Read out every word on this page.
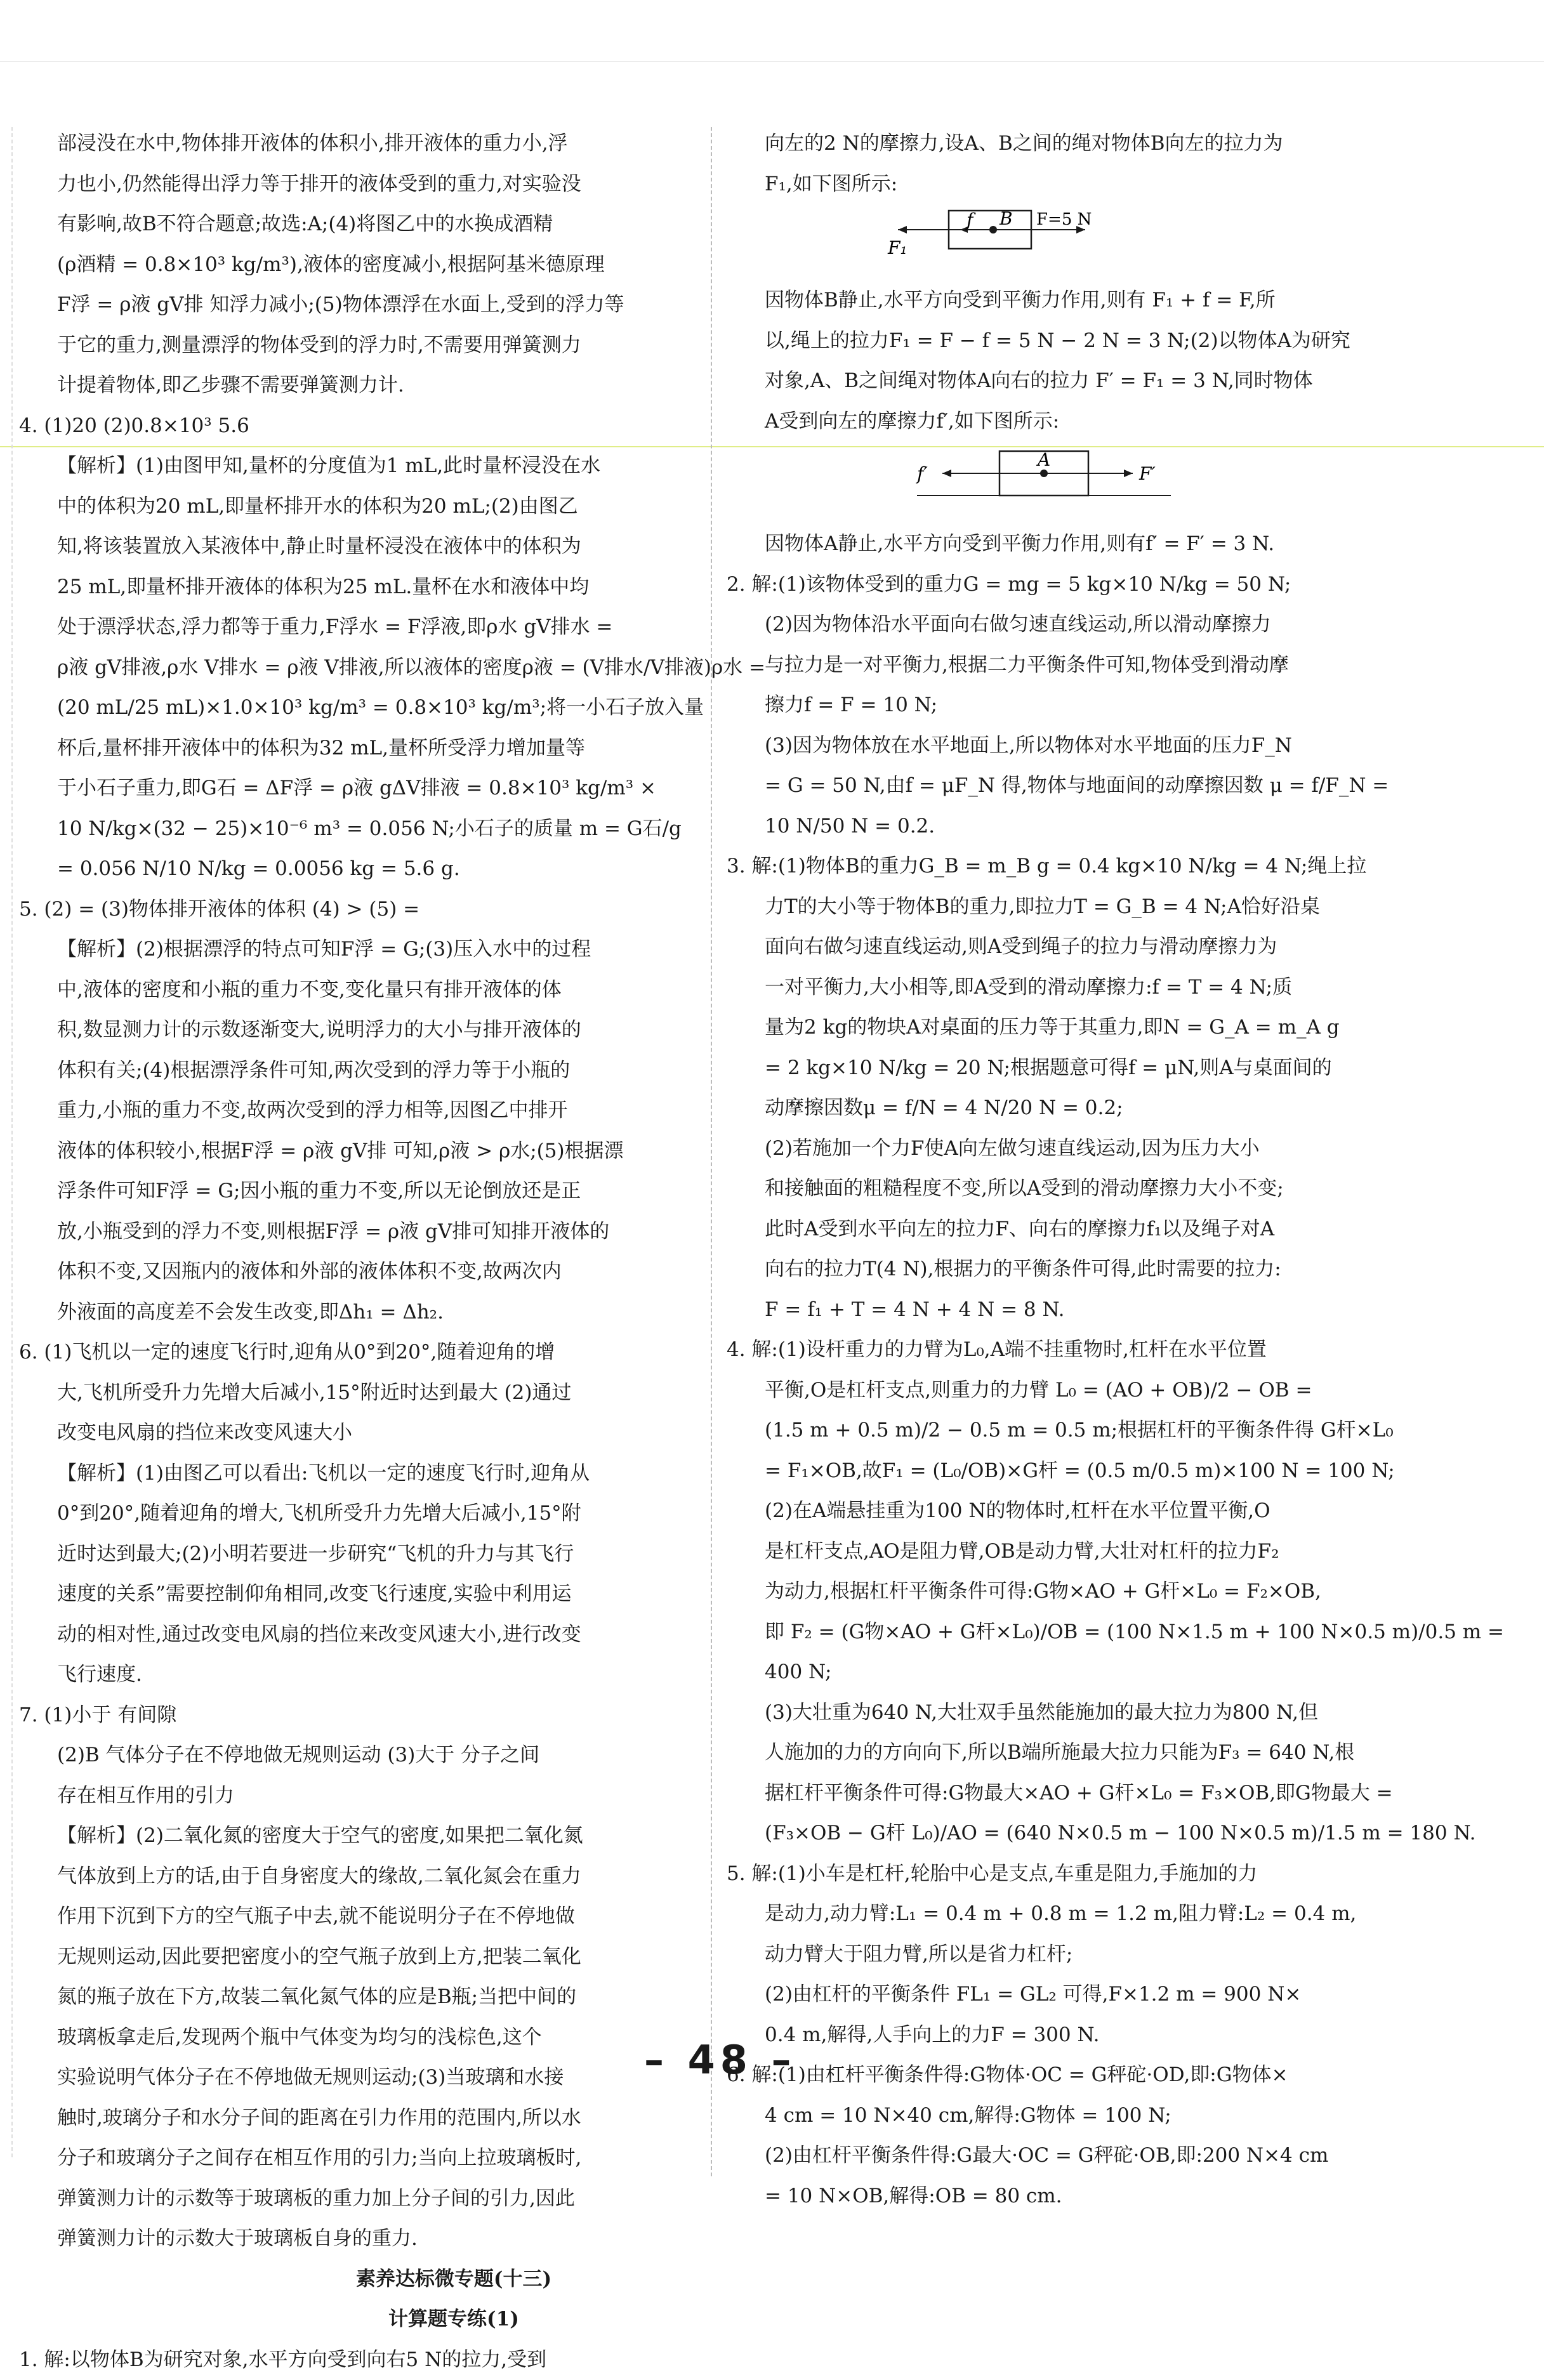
部浸没在水中,物体排开液体的体积小,排开液体的重力小,浮
力也小,仍然能得出浮力等于排开的液体受到的重力,对实验没
有影响,故B不符合题意;故选:A;(4)将图乙中的水换成酒精
(ρ酒精 = 0.8×10³ kg/m³),液体的密度减小,根据阿基米德原理
F浮 = ρ液 gV排 知浮力减小;(5)物体漂浮在水面上,受到的浮力等
于它的重力,测量漂浮的物体受到的浮力时,不需要用弹簧测力
计提着物体,即乙步骤不需要弹簧测力计.
4. (1)20 (2)0.8×10³ 5.6
【解析】(1)由图甲知,量杯的分度值为1 mL,此时量杯浸没在水
中的体积为20 mL,即量杯排开水的体积为20 mL;(2)由图乙
知,将该装置放入某液体中,静止时量杯浸没在液体中的体积为
25 mL,即量杯排开液体的体积为25 mL.量杯在水和液体中均
处于漂浮状态,浮力都等于重力,F浮水 = F浮液,即ρ水 gV排水 =
ρ液 gV排液,ρ水 V排水 = ρ液 V排液,所以液体的密度ρ液 = (V排水/V排液)ρ水 =
(20 mL/25 mL)×1.0×10³ kg/m³ = 0.8×10³ kg/m³;将一小石子放入量
杯后,量杯排开液体中的体积为32 mL,量杯所受浮力增加量等
于小石子重力,即G石 = ΔF浮 = ρ液 gΔV排液 = 0.8×10³ kg/m³ ×
10 N/kg×(32 − 25)×10⁻⁶ m³ = 0.056 N;小石子的质量 m = G石/g
= 0.056 N/10 N/kg = 0.0056 kg = 5.6 g.
5. (2) = (3)物体排开液体的体积 (4) > (5) =
【解析】(2)根据漂浮的特点可知F浮 = G;(3)压入水中的过程
中,液体的密度和小瓶的重力不变,变化量只有排开液体的体
积,数显测力计的示数逐渐变大,说明浮力的大小与排开液体的
体积有关;(4)根据漂浮条件可知,两次受到的浮力等于小瓶的
重力,小瓶的重力不变,故两次受到的浮力相等,因图乙中排开
液体的体积较小,根据F浮 = ρ液 gV排 可知,ρ液 > ρ水;(5)根据漂
浮条件可知F浮 = G;因小瓶的重力不变,所以无论倒放还是正
放,小瓶受到的浮力不变,则根据F浮 = ρ液 gV排可知排开液体的
体积不变,又因瓶内的液体和外部的液体体积不变,故两次内
外液面的高度差不会发生改变,即Δh₁ = Δh₂.
6. (1)飞机以一定的速度飞行时,迎角从0°到20°,随着迎角的增
大,飞机所受升力先增大后减小,15°附近时达到最大 (2)通过
改变电风扇的挡位来改变风速大小
【解析】(1)由图乙可以看出:飞机以一定的速度飞行时,迎角从
0°到20°,随着迎角的增大,飞机所受升力先增大后减小,15°附
近时达到最大;(2)小明若要进一步研究“飞机的升力与其飞行
速度的关系”需要控制仰角相同,改变飞行速度,实验中利用运
动的相对性,通过改变电风扇的挡位来改变风速大小,进行改变
飞行速度.
7. (1)小于 有间隙
(2)B 气体分子在不停地做无规则运动 (3)大于 分子之间
存在相互作用的引力
【解析】(2)二氧化氮的密度大于空气的密度,如果把二氧化氮
气体放到上方的话,由于自身密度大的缘故,二氧化氮会在重力
作用下沉到下方的空气瓶子中去,就不能说明分子在不停地做
无规则运动,因此要把密度小的空气瓶子放到上方,把装二氧化
氮的瓶子放在下方,故装二氧化氮气体的应是B瓶;当把中间的
玻璃板拿走后,发现两个瓶中气体变为均匀的浅棕色,这个
实验说明气体分子在不停地做无规则运动;(3)当玻璃和水接
触时,玻璃分子和水分子间的距离在引力作用的范围内,所以水
分子和玻璃分子之间存在相互作用的引力;当向上拉玻璃板时,
弹簧测力计的示数等于玻璃板的重力加上分子间的引力,因此
弹簧测力计的示数大于玻璃板自身的重力.
素养达标微专题(十三)
计算题专练(1)
1. 解:以物体B为研究对象,水平方向受到向右5 N的拉力,受到
向左的2 N的摩擦力,设A、B之间的绳对物体B向左的拉力为
F₁,如下图所示:
F₁
f B F=5 N
因物体B静止,水平方向受到平衡力作用,则有 F₁ + f = F,所
以,绳上的拉力F₁ = F − f = 5 N − 2 N = 3 N;(2)以物体A为研究
对象,A、B之间绳对物体A向右的拉力 F′ = F₁ = 3 N,同时物体
A受到向左的摩擦力f′,如下图所示:
f′
A
F′
因物体A静止,水平方向受到平衡力作用,则有f′ = F′ = 3 N.
2. 解:(1)该物体受到的重力G = mg = 5 kg×10 N/kg = 50 N;
(2)因为物体沿水平面向右做匀速直线运动,所以滑动摩擦力
与拉力是一对平衡力,根据二力平衡条件可知,物体受到滑动摩
擦力f = F = 10 N;
(3)因为物体放在水平地面上,所以物体对水平地面的压力F_N
= G = 50 N,由f = μF_N 得,物体与地面间的动摩擦因数 μ = f/F_N =
10 N/50 N = 0.2.
3. 解:(1)物体B的重力G_B = m_B g = 0.4 kg×10 N/kg = 4 N;绳上拉
力T的大小等于物体B的重力,即拉力T = G_B = 4 N;A恰好沿桌
面向右做匀速直线运动,则A受到绳子的拉力与滑动摩擦力为
一对平衡力,大小相等,即A受到的滑动摩擦力:f = T = 4 N;质
量为2 kg的物块A对桌面的压力等于其重力,即N = G_A = m_A g
= 2 kg×10 N/kg = 20 N;根据题意可得f = μN,则A与桌面间的
动摩擦因数μ = f/N = 4 N/20 N = 0.2;
(2)若施加一个力F使A向左做匀速直线运动,因为压力大小
和接触面的粗糙程度不变,所以A受到的滑动摩擦力大小不变;
此时A受到水平向左的拉力F、向右的摩擦力f₁以及绳子对A
向右的拉力T(4 N),根据力的平衡条件可得,此时需要的拉力:
F = f₁ + T = 4 N + 4 N = 8 N.
4. 解:(1)设杆重力的力臂为L₀,A端不挂重物时,杠杆在水平位置
平衡,O是杠杆支点,则重力的力臂 L₀ = (AO + OB)/2 − OB =
(1.5 m + 0.5 m)/2 − 0.5 m = 0.5 m;根据杠杆的平衡条件得 G杆×L₀
= F₁×OB,故F₁ = (L₀/OB)×G杆 = (0.5 m/0.5 m)×100 N = 100 N;
(2)在A端悬挂重为100 N的物体时,杠杆在水平位置平衡,O
是杠杆支点,AO是阻力臂,OB是动力臂,大壮对杠杆的拉力F₂
为动力,根据杠杆平衡条件可得:G物×AO + G杆×L₀ = F₂×OB,
即 F₂ = (G物×AO + G杆×L₀)/OB = (100 N×1.5 m + 100 N×0.5 m)/0.5 m =
400 N;
(3)大壮重为640 N,大壮双手虽然能施加的最大拉力为800 N,但
人施加的力的方向向下,所以B端所施最大拉力只能为F₃ = 640 N,根
据杠杆平衡条件可得:G物最大×AO + G杆×L₀ = F₃×OB,即G物最大 =
(F₃×OB − G杆 L₀)/AO = (640 N×0.5 m − 100 N×0.5 m)/1.5 m = 180 N.
5. 解:(1)小车是杠杆,轮胎中心是支点,车重是阻力,手施加的力
是动力,动力臂:L₁ = 0.4 m + 0.8 m = 1.2 m,阻力臂:L₂ = 0.4 m,
动力臂大于阻力臂,所以是省力杠杆;
(2)由杠杆的平衡条件 FL₁ = GL₂ 可得,F×1.2 m = 900 N×
0.4 m,解得,人手向上的力F = 300 N.
6. 解:(1)由杠杆平衡条件得:G物体·OC = G秤砣·OD,即:G物体×
4 cm = 10 N×40 cm,解得:G物体 = 100 N;
(2)由杠杆平衡条件得:G最大·OC = G秤砣·OB,即:200 N×4 cm
= 10 N×OB,解得:OB = 80 cm.
– 48 –
